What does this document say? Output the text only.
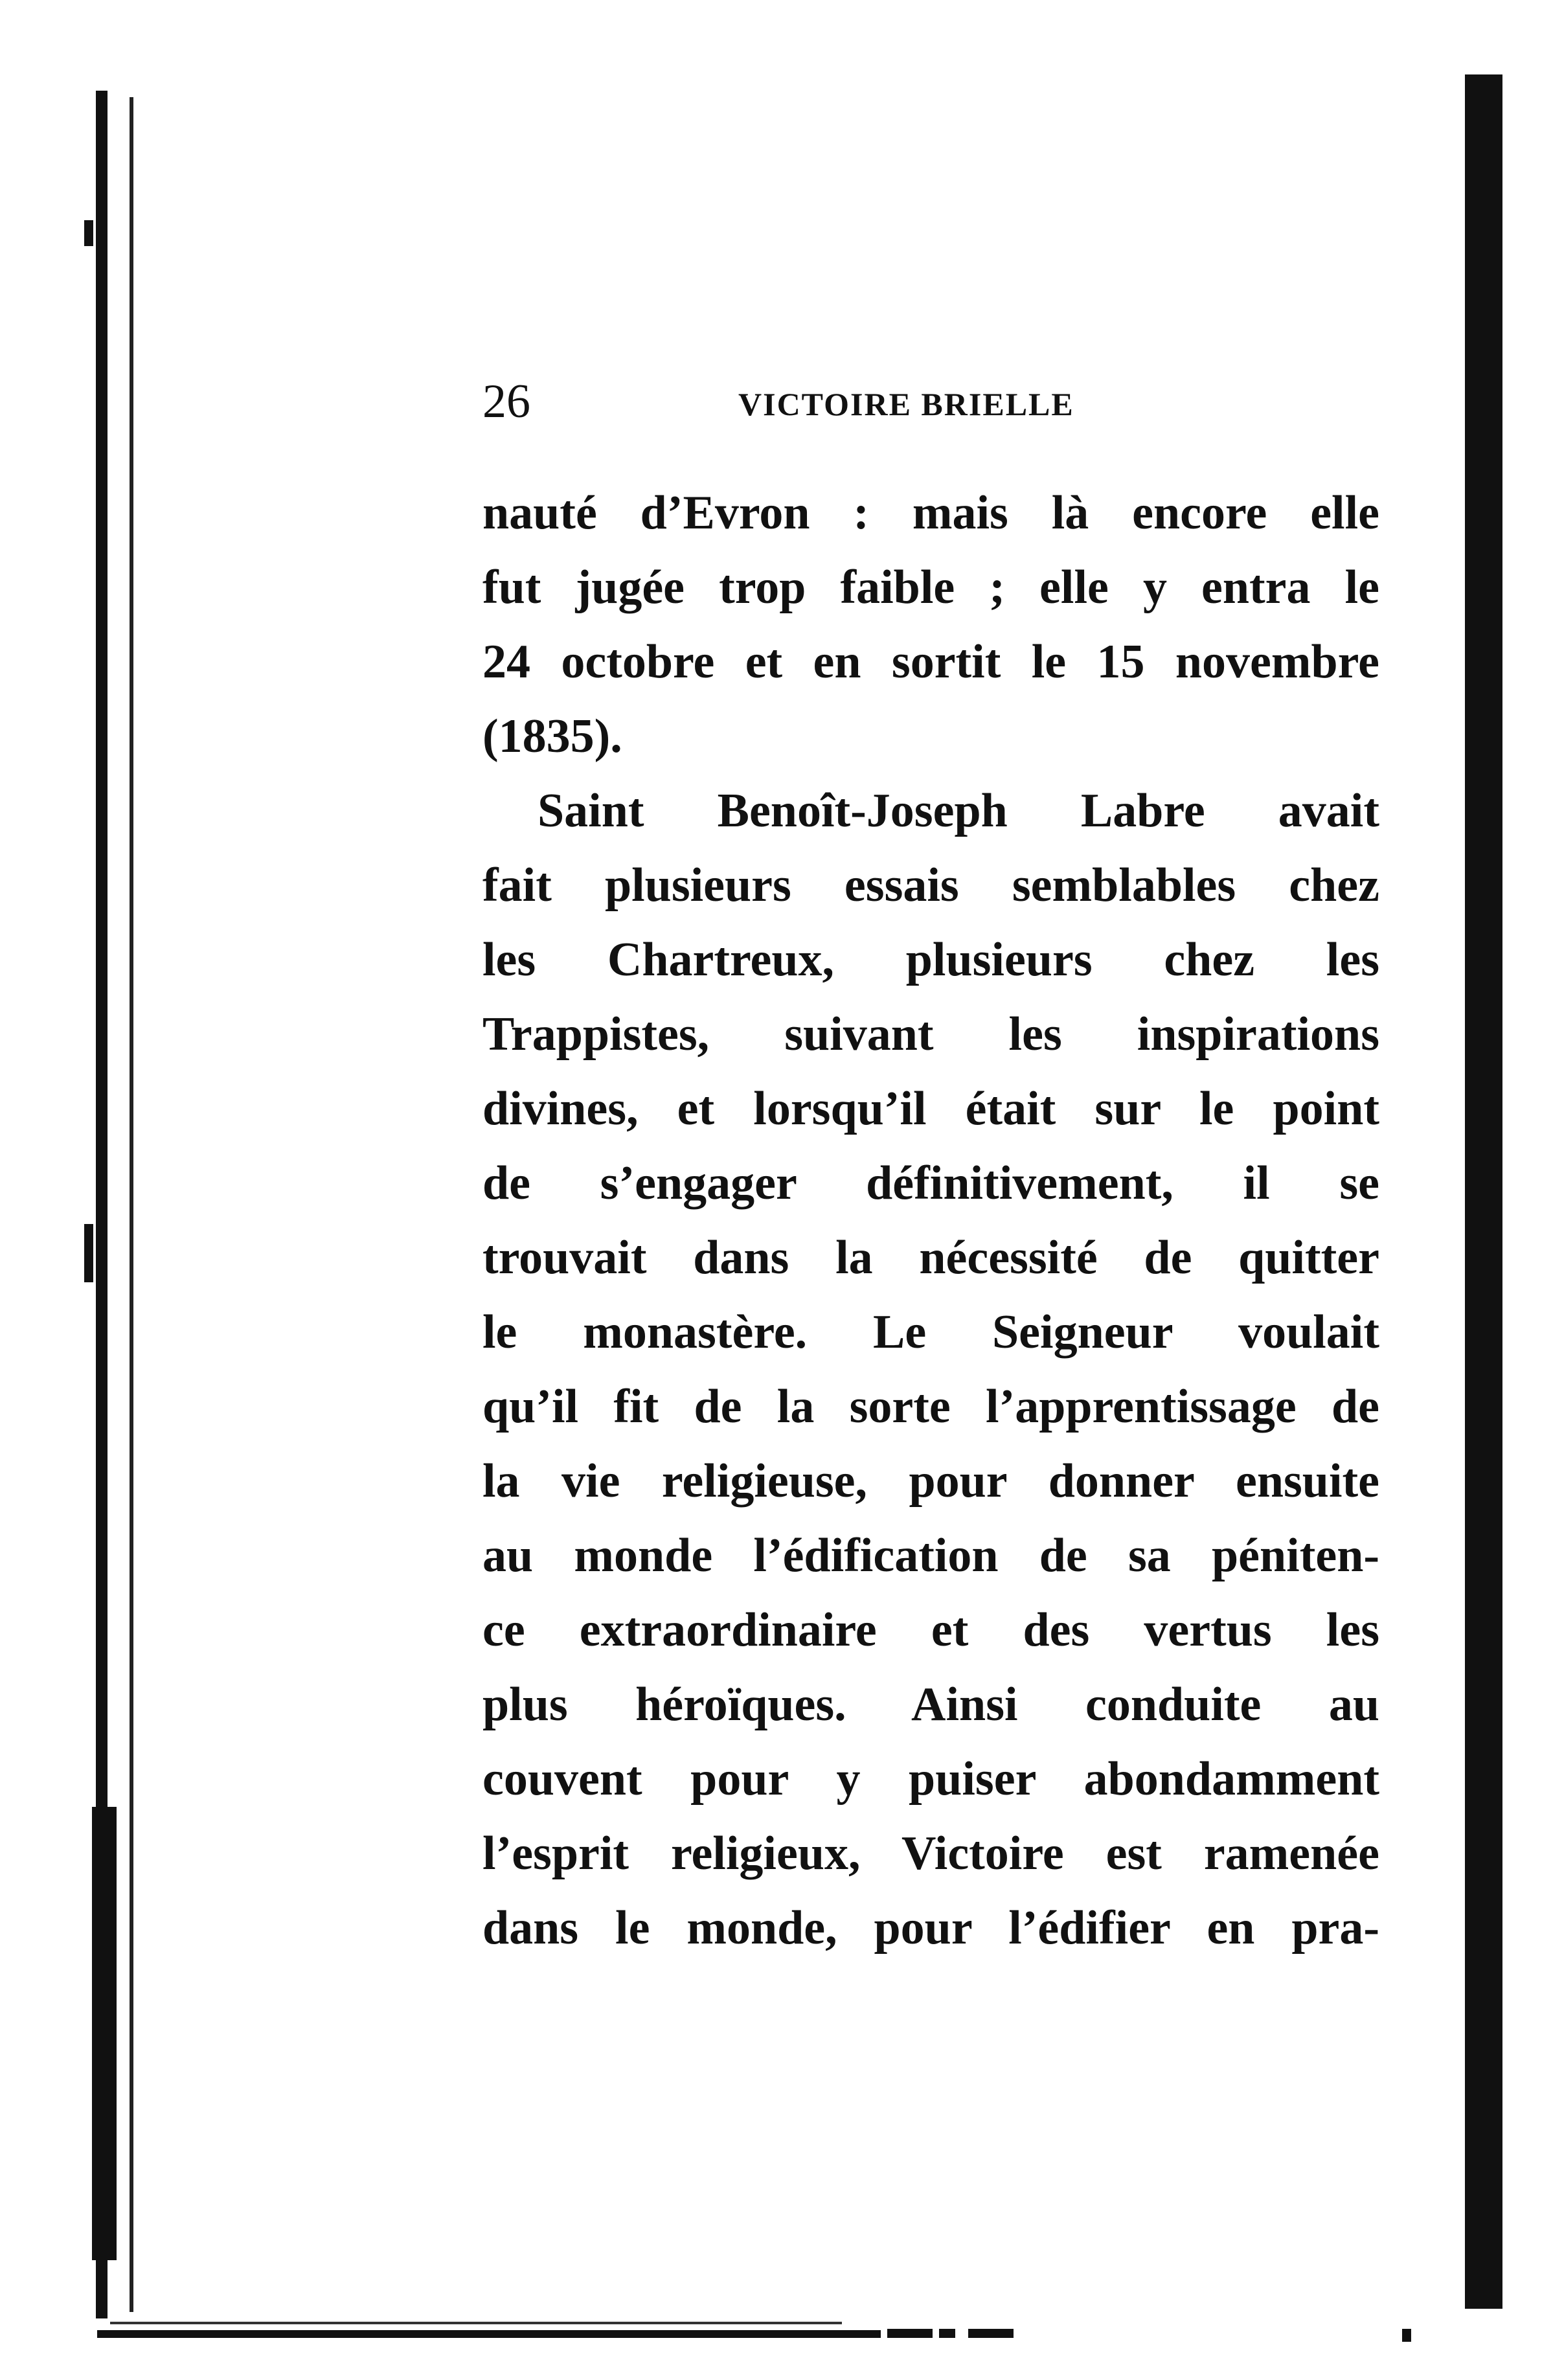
26	VICTOIRE BRIELLE
nauté d’Evron : mais là encore elle
fut jugée trop faible ; elle y entra le
24 octobre et en sortit le 15 novembre
(1835).
Saint Benoît-Joseph Labre avait
fait plusieurs essais semblables chez
les Chartreux, plusieurs chez les
Trappistes, suivant les inspirations
divines, et lorsqu’il était sur le point
de s’engager définitivement, il se
trouvait dans la nécessité de quitter
le monastère. Le Seigneur voulait
qu’il fit de la sorte l’apprentissage de
la vie religieuse, pour donner ensuite
au monde l’édification de sa péniten-
ce extraordinaire et des vertus les
plus héroïques. Ainsi conduite au
couvent pour y puiser abondamment
l’esprit religieux, Victoire est ramenée
dans le monde, pour l’édifier en pra-
